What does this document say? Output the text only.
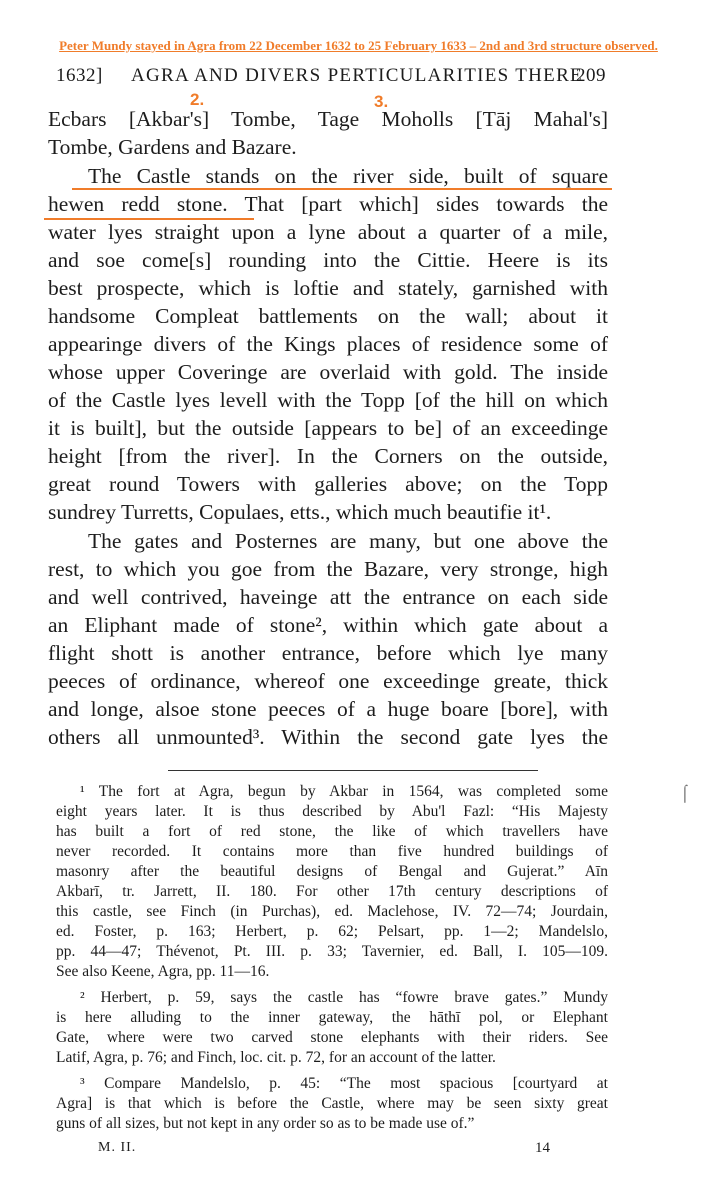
Peter Mundy stayed in Agra from 22 December 1632 to 25 February 1633 – 2nd and 3rd structure observed.
1632] AGRA AND DIVERS PERTICULARITIES THERE
209
2.	3.
Ecbars [Akbar's] Tombe, Tage Moholls [Tāj Mahal's]
Tombe, Gardens and Bazare.
The Castle stands on the river side, built of square
hewen redd stone. That [part which] sides towards the
water lyes straight upon a lyne about a quarter of a mile,
and soe come[s] rounding into the Cittie. Heere is its
best prospecte, which is loftie and stately, garnished with
handsome Compleat battlements on the wall; about it
appearinge divers of the Kings places of residence some of
whose upper Coveringe are overlaid with gold. The inside
of the Castle lyes levell with the Topp [of the hill on which
it is built], but the outside [appears to be] of an exceedinge
height [from the river]. In the Corners on the outside,
great round Towers with galleries above; on the Topp
sundrey Turretts, Copulaes, etts., which much beautifie it¹.
The gates and Posternes are many, but one above the
rest, to which you goe from the Bazare, very stronge, high
and well contrived, haveinge att the entrance on each side
an Eliphant made of stone², within which gate about a
flight shott is another entrance, before which lye many
peeces of ordinance, whereof one exceedinge greate, thick
and longe, alsoe stone peeces of a huge boare [bore], with
others all unmounted³. Within the second gate lyes the
¹ The fort at Agra, begun by Akbar in 1564, was completed some
eight years later. It is thus described by Abu'l Fazl: “His Majesty
has built a fort of red stone, the like of which travellers have
never recorded. It contains more than five hundred buildings of
masonry after the beautiful designs of Bengal and Gujerat.” Aīn
Akbarī, tr. Jarrett, II. 180. For other 17th century descriptions of
this castle, see Finch (in Purchas), ed. Maclehose, IV. 72—74; Jourdain,
ed. Foster, p. 163; Herbert, p. 62; Pelsart, pp. 1—2; Mandelslo,
pp. 44—47; Thévenot, Pt. III. p. 33; Tavernier, ed. Ball, I. 105—109.
See also Keene, Agra, pp. 11—16.
² Herbert, p. 59, says the castle has “fowre brave gates.” Mundy
is here alluding to the inner gateway, the hāthī pol, or Elephant
Gate, where were two carved stone elephants with their riders. See
Latif, Agra, p. 76; and Finch, loc. cit. p. 72, for an account of the latter.
³ Compare Mandelslo, p. 45: “The most spacious [courtyard at
Agra] is that which is before the Castle, where may be seen sixty great
guns of all sizes, but not kept in any order so as to be made use of.”
⌠
M. II.	14
